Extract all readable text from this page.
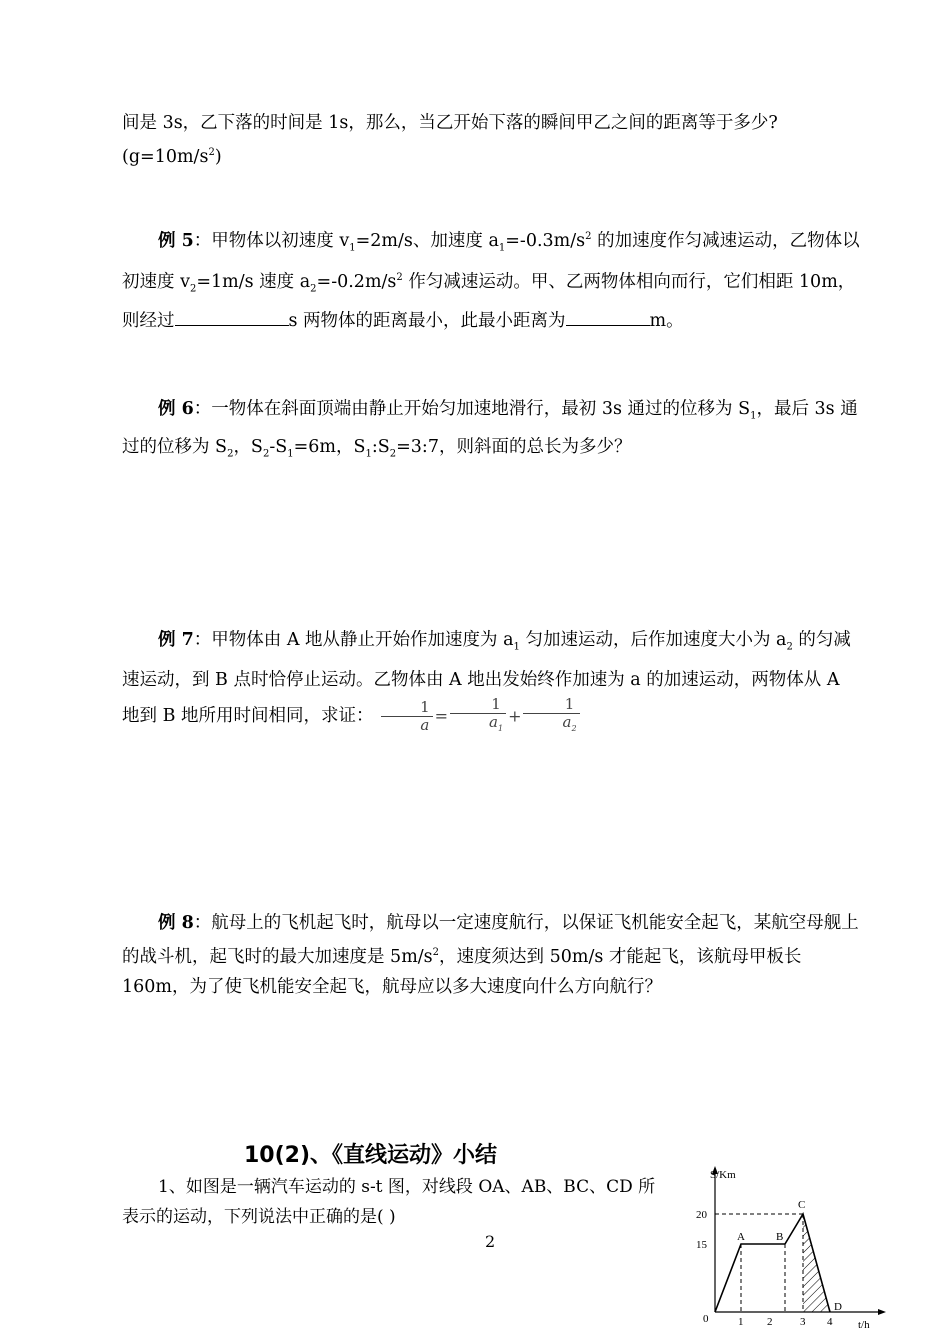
间是 3s，乙下落的时间是 1s，那么，当乙开始下落的瞬间甲乙之间的距离等于多少?
$(g=10m/s^2)$

例 5：甲物体以初速度 $v_1=2m/s$、加速度 $a_1=-0.3m/s^2$ 的加速度作匀减速运动，乙物体以初速度 $v_2=1m/s$ 速度 $a_2=-0.2m/s^2$ 作匀减速运动。甲、乙两物体相向而行，它们相距 10m，则经过	s 两物体的距离最小，此最小距离为	m。

例 6：一物体在斜面顶端由静止开始匀加速地滑行，最初 3s 通过的位移为 $S_1$，最后 3s 通过的位移为 $S_2$，$S_2-S_1=6m$，$S_1:S_2=3:7$，则斜面的总长为多少？

例 7：甲物体由 A 地从静止开始作加速度为 $a_1$ 匀加速运动，后作加速度大小为 $a_2$ 的匀减速运动，到 B 点时恰停止运动。乙物体由 A 地出发始终作加速为 a 的加速运动，两物体从 A 地到 B 地所用时间相同，求证： $\frac{1}{a} = \frac{1}{a_1} + \frac{1}{a_2}$

例 8：航母上的飞机起飞时，航母以一定速度航行，以保证飞机能安全起飞，某航空母舰上的战斗机，起飞时的最大加速度是 $5m/s^2$，速度须达到 50m/s 才能起飞，该航母甲板长 160m，为了使飞机能安全起飞，航母应以多大速度向什么方向航行？

10(2)、《直线运动》小结

1、如图是一辆汽车运动的 s-t 图，对线段 OA、AB、BC、CD 所表示的运动，下列说法中正确的是( )

2
S/Km
t/h
20
15
0	1 2	3 4
A	B
C
D
